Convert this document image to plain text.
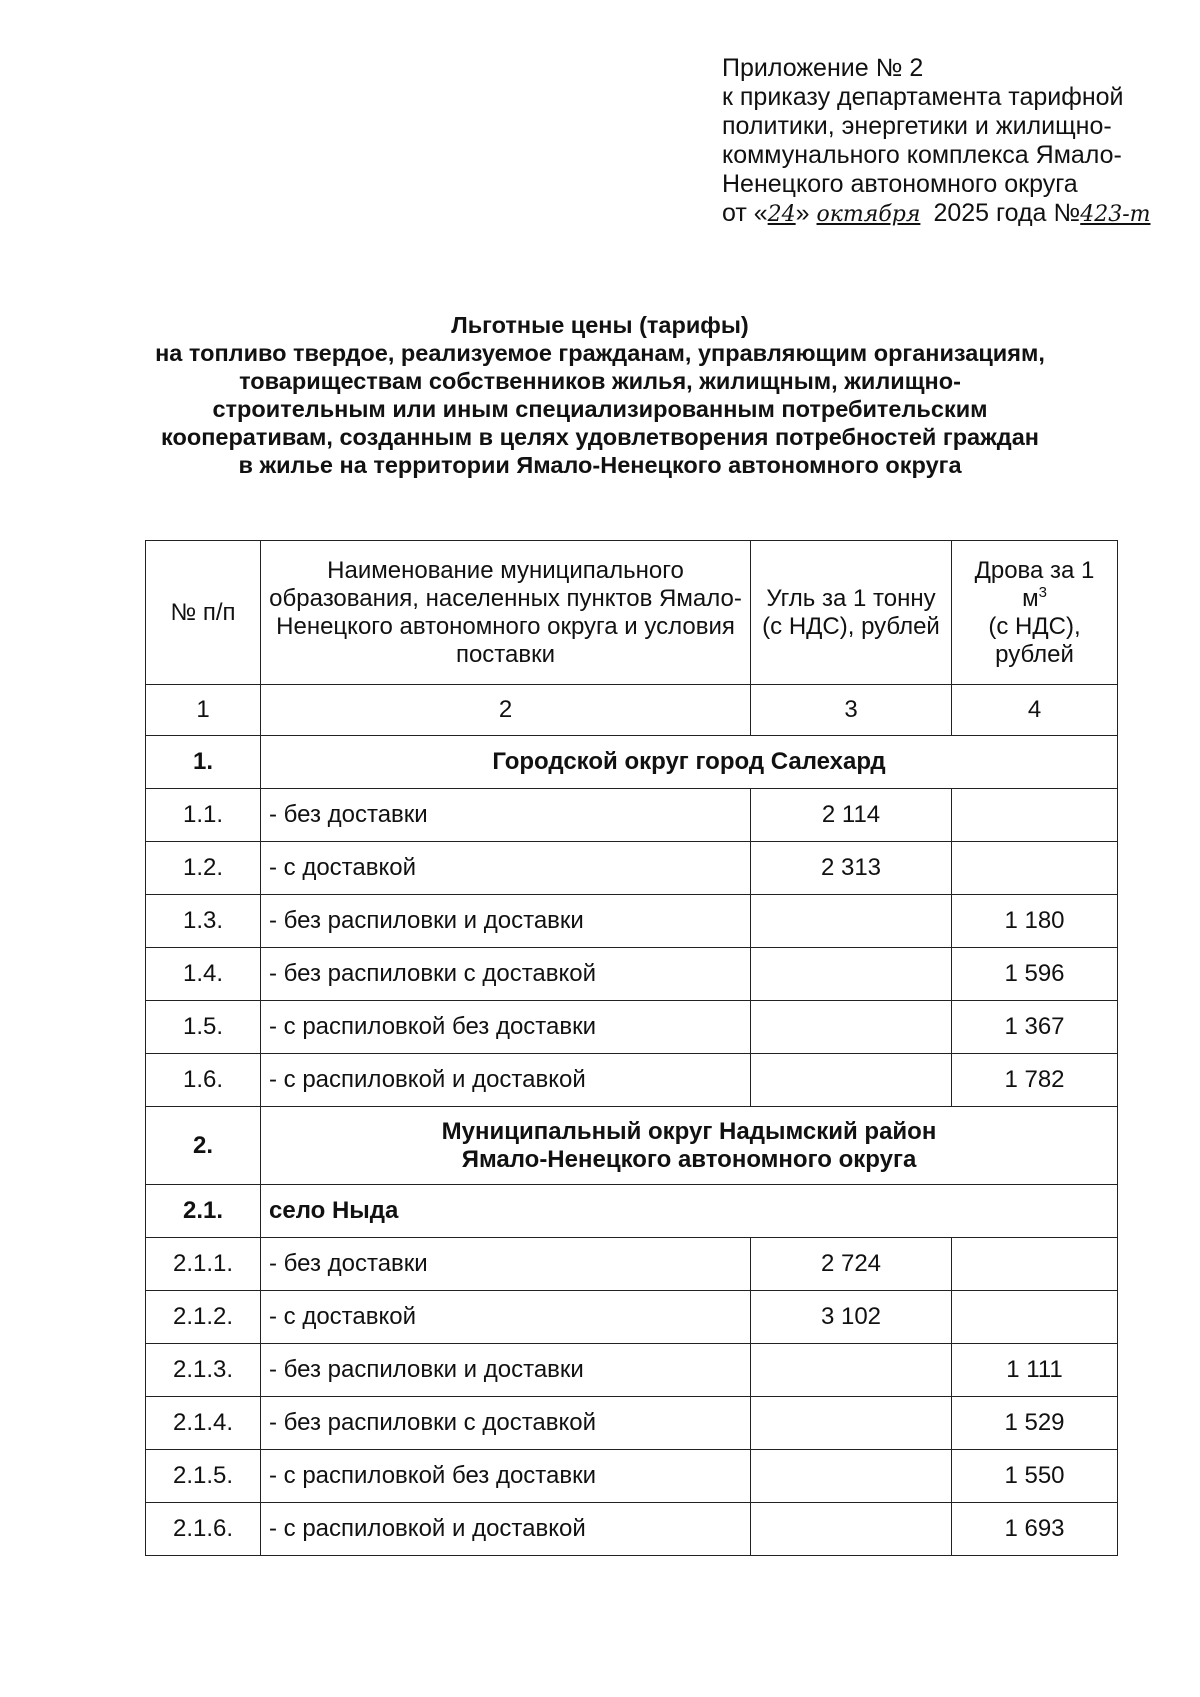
Приложение № 2
к приказу департамента тарифной
политики, энергетики и жилищно-
коммунального комплекса Ямало-
Ненецкого автономного округа
от «24» октября 2025 года №423-т
Льготные цены (тарифы)
на топливо твердое, реализуемое гражданам, управляющим организациям,
товариществам собственников жилья, жилищным, жилищно-
строительным или иным специализированным потребительским
кооперативам, созданным в целях удовлетворения потребностей граждан
в жилье на территории Ямало-Ненецкого автономного округа
№ п/п	Наименование муниципального образования, населенных пунктов Ямало-Ненецкого автономного округа и условия поставки	Угль за 1 тонну (с НДС), рублей	Дрова за 1 $м^3$
(с НДС), рублей
1	2	3	4
1.	Городской округ город Салехард		
1.1.	- без доставки	2 114	
1.2.	- с доставкой	2 313	
1.3.	- без распиловки и доставки		1 180
1.4.	- без распиловки с доставкой		1 596
1.5.	- с распиловкой без доставки		1 367
1.6.	- с распиловкой и доставкой		1 782
2.	Муниципальный округ Надымский район
Ямало-Ненецкого автономного округа		
2.1.	село Ныда		
2.1.1.	- без доставки	2 724	
2.1.2.	- с доставкой	3 102	
2.1.3.	- без распиловки и доставки		1 111
2.1.4.	- без распиловки с доставкой		1 529
2.1.5.	- с распиловкой без доставки		1 550
2.1.6.	- с распиловкой и доставкой		1 693
